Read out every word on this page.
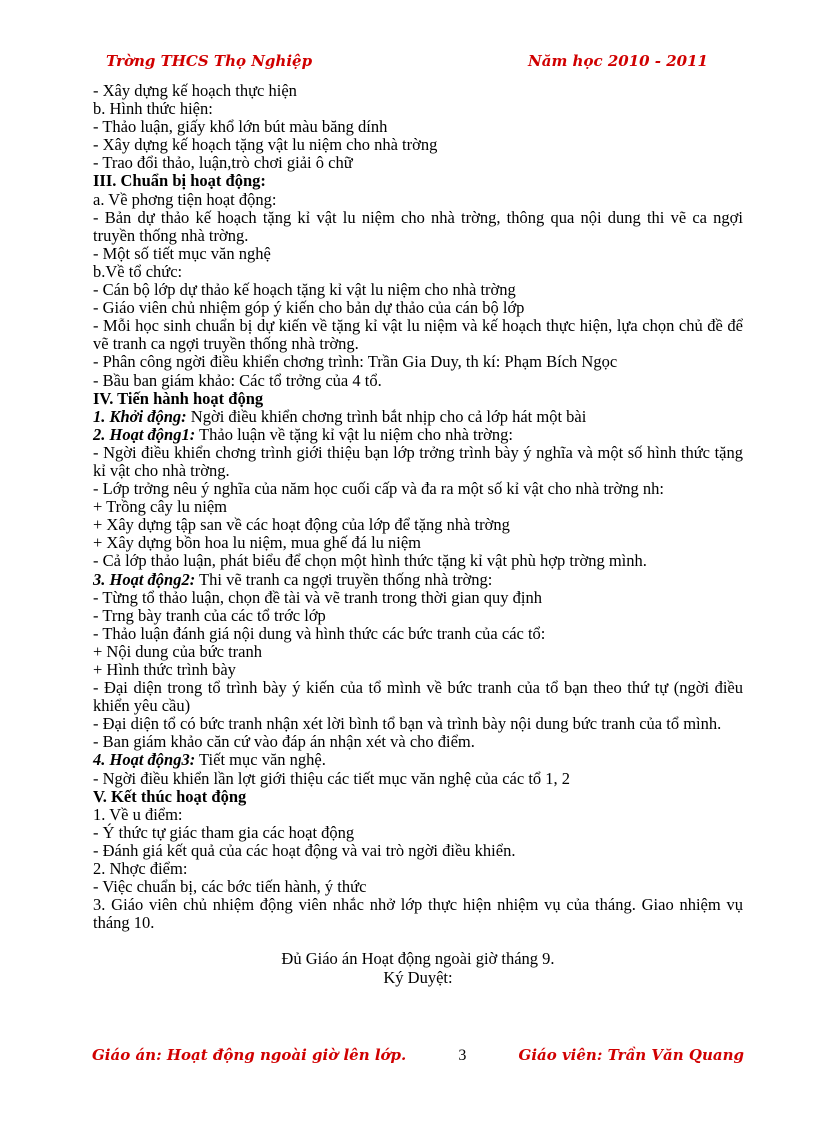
Trờng THCS Thọ Nghiệp	Năm học 2010 - 2011

- Xây dựng kế hoạch thực hiện

b. Hình thức hiện:

- Thảo luận, giấy khổ lớn bút màu băng dính

- Xây dựng kế hoạch tặng vật lu niệm cho nhà trờng

- Trao đổi thảo, luận,trò chơi giải ô chữ

III. Chuẩn bị hoạt động:

a. Về phơng tiện hoạt động:

- Bản dự thảo kế hoạch tặng kỉ vật lu niệm cho nhà trờng, thông qua nội dung thi vẽ ca ngợi truyền thống nhà trờng.

- Một số tiết mục văn nghệ

b.Về tổ chức:

- Cán bộ lớp dự thảo kế hoạch tặng kỉ vật lu niệm cho nhà trờng

- Giáo viên chủ nhiệm góp ý kiến cho bản dự thảo của cán bộ lớp

- Mỗi học sinh chuẩn bị dự kiến về tặng kỉ vật lu niệm và kế hoạch thực hiện, lựa chọn chủ đề để vẽ tranh ca ngợi truyền thống nhà trờng.

- Phân công ngời điều khiển chơng trình: Trần Gia Duy, th kí: Phạm Bích Ngọc

- Bầu ban giám khảo: Các tổ trởng của 4 tổ.

IV. Tiến hành hoạt động

1. Khởi động: Ngời điều khiển chơng trình bắt nhịp cho cả lớp hát một bài

2. Hoạt động1: Thảo luận về tặng kỉ vật lu niệm cho nhà trờng:

- Ngời điều khiển chơng trình giới thiệu bạn lớp trởng trình bày ý nghĩa và một số hình thức tặng kỉ vật cho nhà trờng.

- Lớp trởng nêu ý nghĩa của năm học cuối cấp và đa ra một số kỉ vật cho nhà trờng nh:

+ Trồng cây lu niệm

+ Xây dựng tập san về các hoạt động của lớp để tặng nhà trờng

+ Xây dựng bồn hoa lu niệm, mua ghế đá lu niệm

- Cả lớp thảo luận, phát biểu để chọn một hình thức tặng kỉ vật phù hợp trờng mình.

3. Hoạt động2: Thi vẽ tranh ca ngợi truyền thống nhà trờng:

- Từng tổ thảo luận, chọn đề tài và vẽ tranh trong thời gian quy định

- Trng bày tranh của các tổ trớc lớp

- Thảo luận đánh giá nội dung và hình thức các bức tranh của các tổ:

+ Nội dung của bức tranh

+ Hình thức trình bày

- Đại diện trong tổ trình bày ý kiến của tổ mình về bức tranh của tổ bạn theo thứ tự (ngời điều khiển yêu cầu)

- Đại diện tổ có bức tranh nhận xét lời bình tổ bạn và trình bày nội dung bức tranh của tổ mình.

- Ban giám khảo căn cứ vào đáp án nhận xét và cho điểm.

4. Hoạt động3: Tiết mục văn nghệ.

- Ngời điều khiển lần lợt giới thiệu các tiết mục văn nghệ của các tổ 1, 2

V. Kết thúc hoạt động

1. Về u điểm:

- Ý thức tự giác tham gia các hoạt động

- Đánh giá kết quả của các hoạt động và vai trò ngời điều khiển.

2. Nhợc điểm:

- Việc chuẩn bị, các bớc tiến hành, ý thức

3. Giáo viên chủ nhiệm động viên nhắc nhở lớp thực hiện nhiệm vụ của tháng. Giao nhiệm vụ tháng 10.

Đủ Giáo án Hoạt động ngoài giờ tháng 9.

Ký Duyệt:

Giáo án: Hoạt động ngoài giờ lên lớp.	3	Giáo viên: Trần Văn Quang
